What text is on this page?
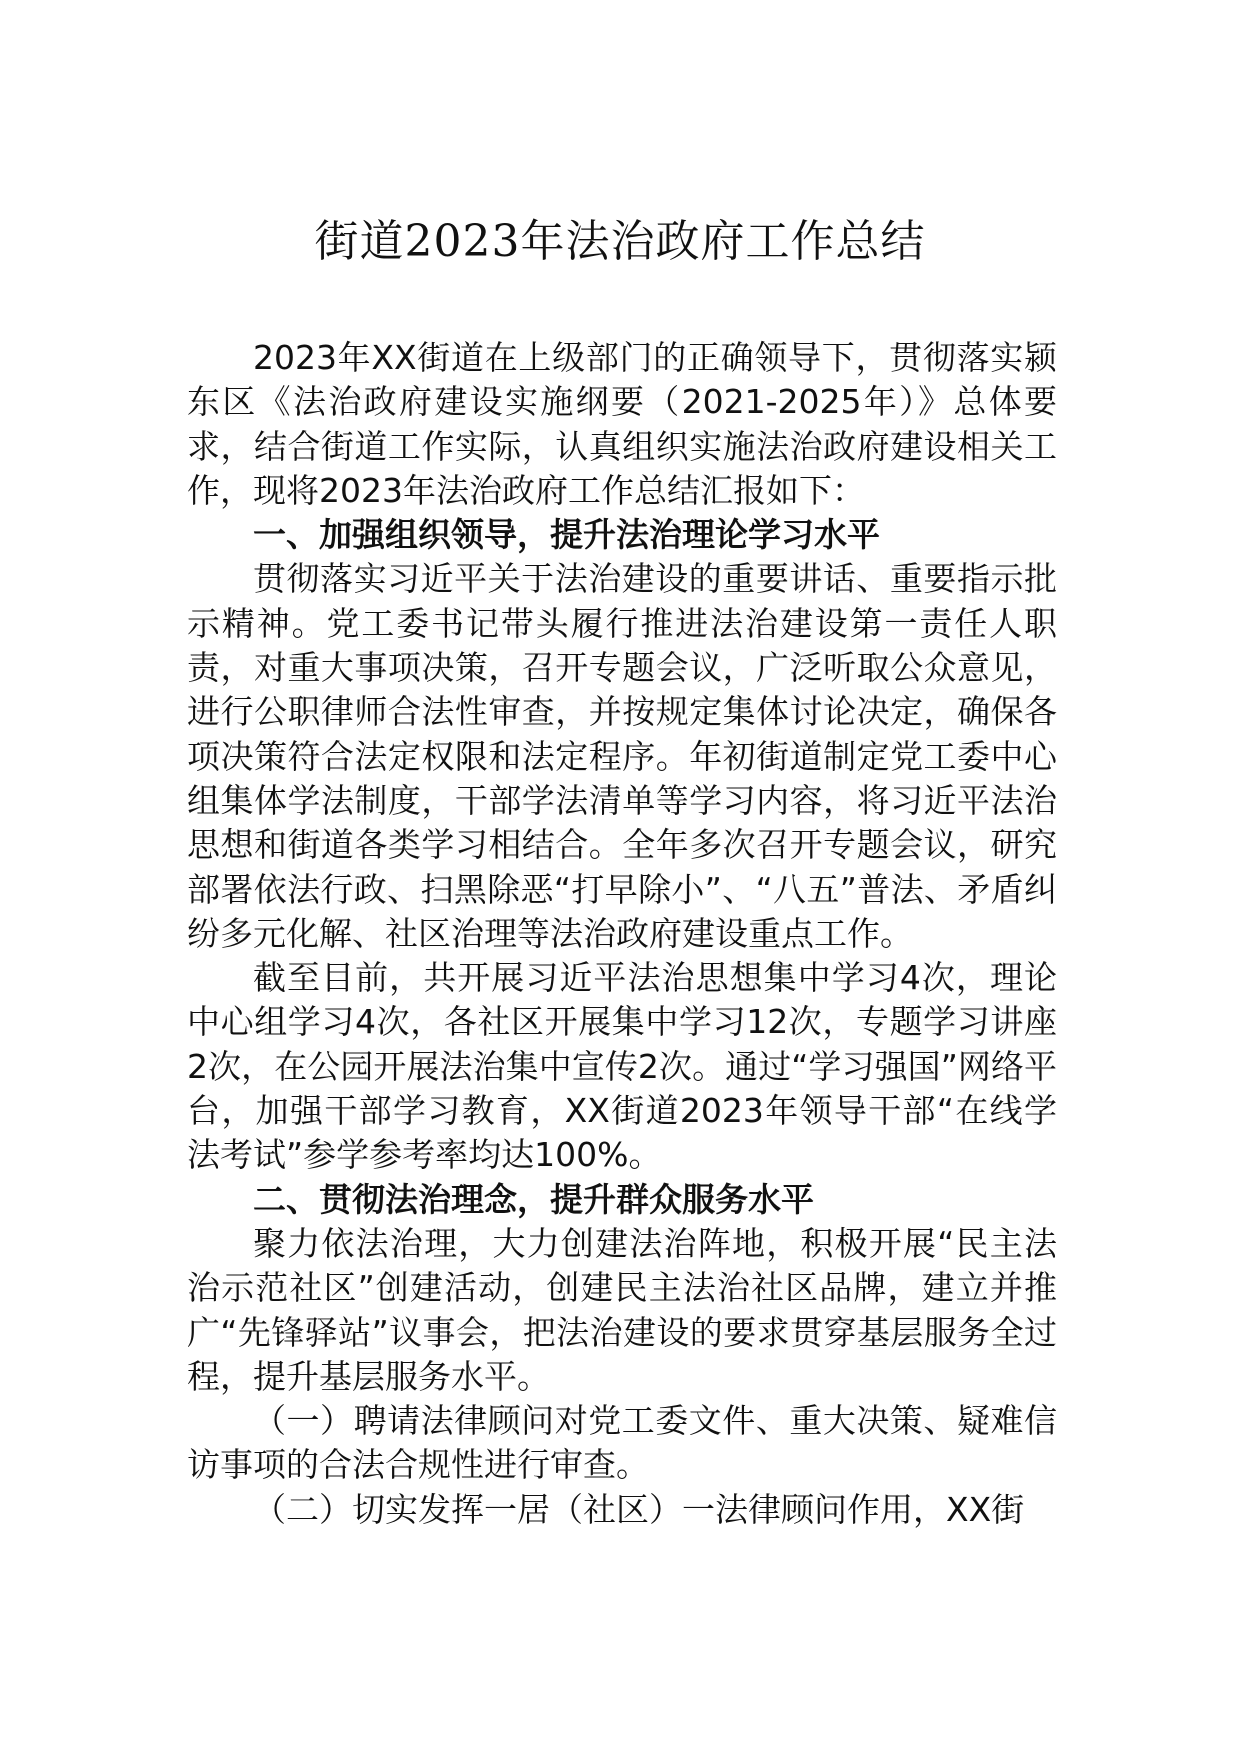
街道2023年法治政府工作总结

2023年XX街道在上级部门的正确领导下，贯彻落实颍东区《法治政府建设实施纲要（2021-2025年）》总体要求，结合街道工作实际，认真组织实施法治政府建设相关工作，现将2023年法治政府工作总结汇报如下：

一、加强组织领导，提升法治理论学习水平

贯彻落实习近平关于法治建设的重要讲话、重要指示批示精神。党工委书记带头履行推进法治建设第一责任人职责，对重大事项决策，召开专题会议，广泛听取公众意见，进行公职律师合法性审查，并按规定集体讨论决定，确保各项决策符合法定权限和法定程序。年初街道制定党工委中心组集体学法制度，干部学法清单等学习内容，将习近平法治思想和街道各类学习相结合。全年多次召开专题会议，研究部署依法行政、扫黑除恶“打早除小”、“八五”普法、矛盾纠纷多元化解、社区治理等法治政府建设重点工作。

截至目前，共开展习近平法治思想集中学习4次，理论中心组学习4次，各社区开展集中学习12次，专题学习讲座2次，在公园开展法治集中宣传2次。通过“学习强国”网络平台，加强干部学习教育，XX街道2023年领导干部“在线学法考试”参学参考率均达100%。

二、贯彻法治理念，提升群众服务水平

聚力依法治理，大力创建法治阵地，积极开展“民主法治示范社区”创建活动，创建民主法治社区品牌，建立并推广“先锋驿站”议事会，把法治建设的要求贯穿基层服务全过程，提升基层服务水平。

（一）聘请法律顾问对党工委文件、重大决策、疑难信访事项的合法合规性进行审查。

（二）切实发挥一居（社区）一法律顾问作用，XX街
